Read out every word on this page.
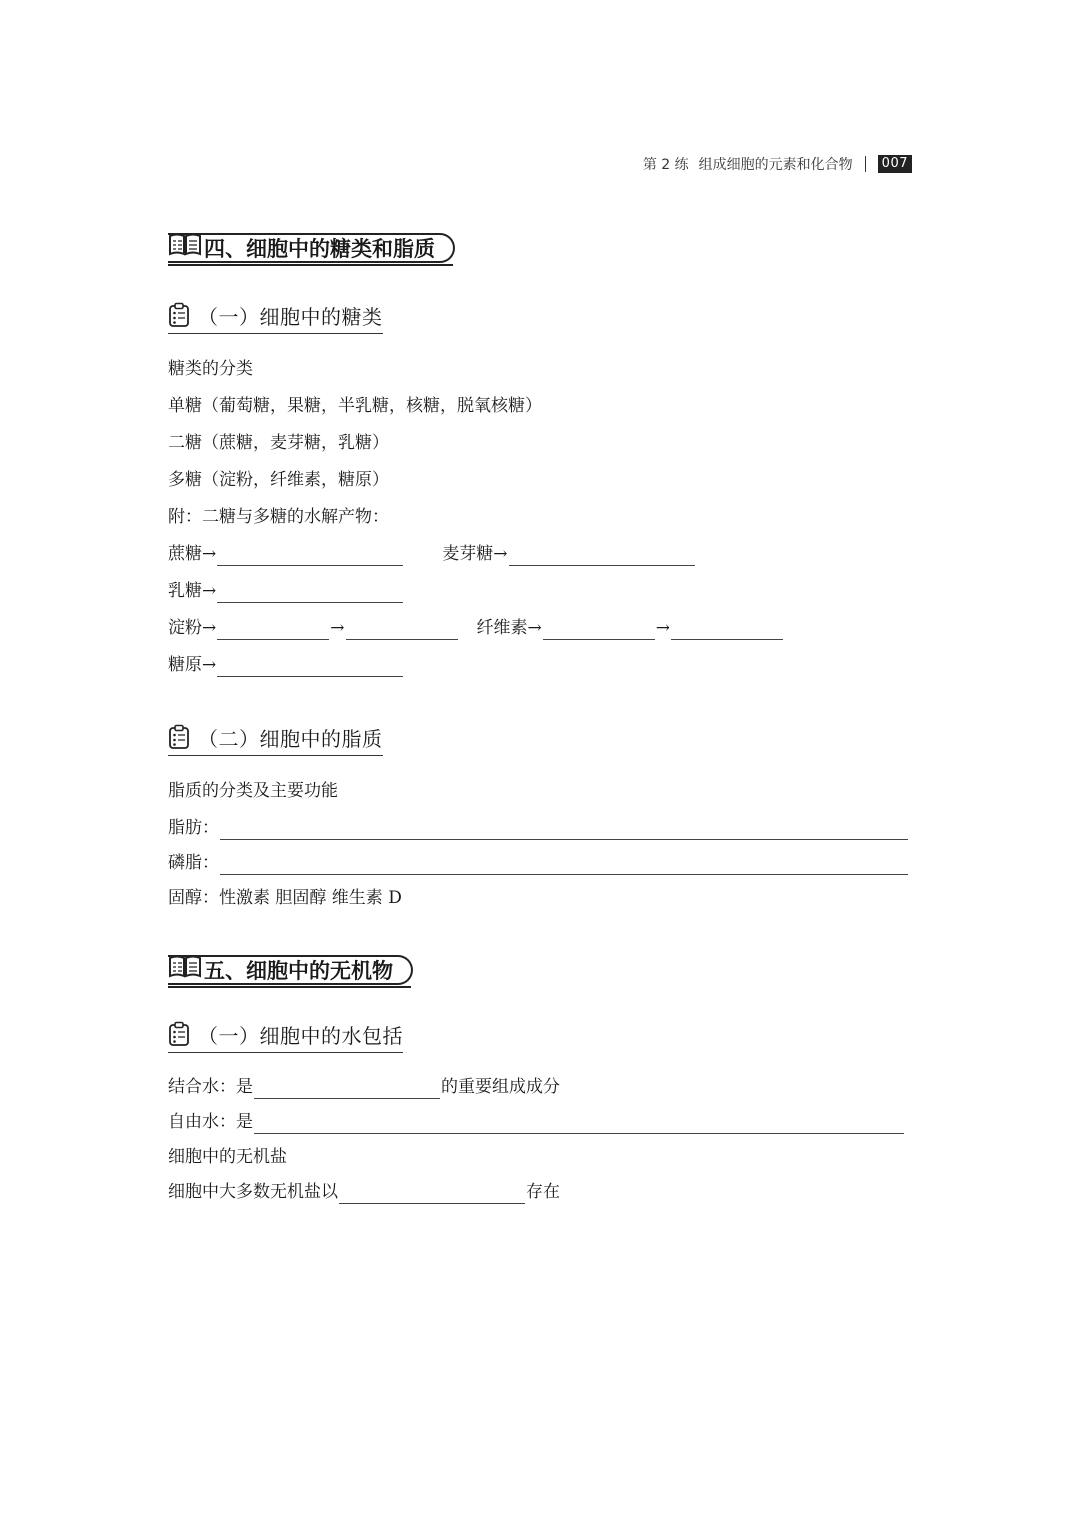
第 2 练 组成细胞的元素和化合物	007
四、细胞中的糖类和脂质
（一）细胞中的糖类
糖类的分类
单糖（葡萄糖，果糖，半乳糖，核糖，脱氧核糖）
二糖（蔗糖，麦芽糖，乳糖）
多糖（淀粉，纤维素，糖原）
附：二糖与多糖的水解产物：
蔗糖→	麦芽糖→
乳糖→
淀粉→	→	纤维素→	→
糖原→
（二）细胞中的脂质
脂质的分类及主要功能
脂肪：
磷脂：
固醇：性激素 胆固醇 维生素 D
五、细胞中的无机物
（一）细胞中的水包括
结合水：是	的重要组成成分
自由水：是
细胞中的无机盐
细胞中大多数无机盐以	存在
